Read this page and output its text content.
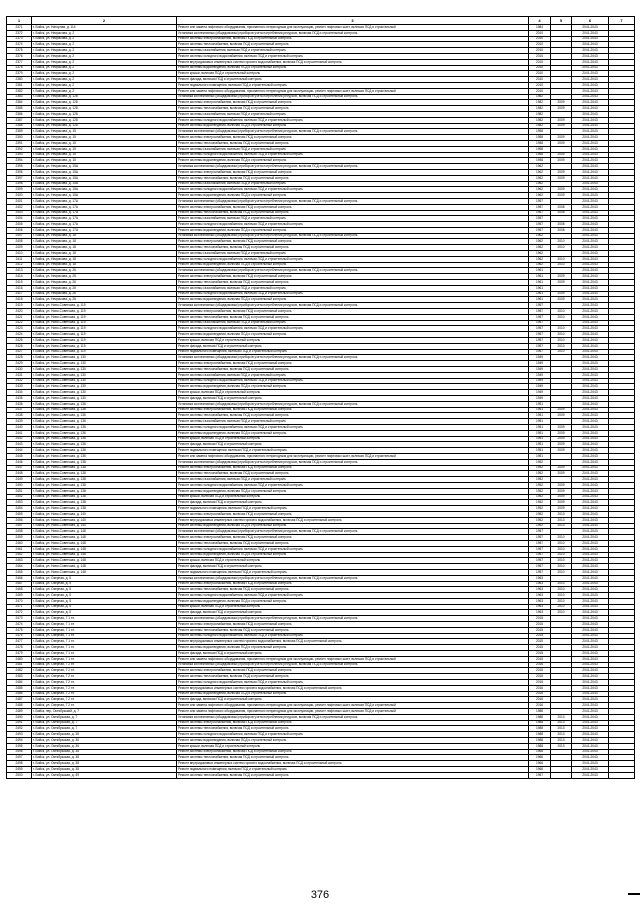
1	2	3	4	5	6	7
2371	г. Бийск, ул. Нагорная, д. 114	Ремонт или замена лифтового оборудования, признанного непригодным для эксплуатации, ремонт лифтовых шахт, включая ПСД и строительный	1984		2041-2043	
2372	г. Бийск, ул. Некрасова, д. 2	Установка коллективных (общедомовых) приборов учета потребления ресурсов, включая ПСД и строительный контроль	2010		2041-2043	
2373	г. Бийск, ул. Некрасова, д. 2	Ремонт системы электроснабжения, включая ПСД и строительный контроль	2010		2041-2043	
2374	г. Бийск, ул. Некрасова, д. 2	Ремонт системы теплоснабжения, включая ПСД и строительный контроль	2010		2041-2043	
2375	г. Бийск, ул. Некрасова, д. 2	Ремонт системы газоснабжения, включая ПСД и строительный контроль	2010		2041-2043	
2376	г. Бийск, ул. Некрасова, д. 2	Ремонт системы холодного водоснабжения, включая ПСД и строительный контроль	2010		2041-2043	
2377	г. Бийск, ул. Некрасова, д. 2	Ремонт внутридомовых инженерных систем горячего водоснабжения, включая ПСД и строительный контроль	2010		2041-2043	
2378	г. Бийск, ул. Некрасова, д. 2	Ремонт системы водоотведения, включая ПСД и строительный контроль	2010		2041-2043	
2379	г. Бийск, ул. Некрасова, д. 2	Ремонт крыши, включая ПСД и строительный контроль	2010		2041-2043	
2380	г. Бийск, ул. Некрасова, д. 2	Ремонт фасада, включая ПСД и строительный контроль	2010		2041-2043	
2381	г. Бийск, ул. Некрасова, д. 2	Ремонт подвального помещения, включая ПСД и строительный контроль	2010		2041-2043	
2382	г. Бийск, ул. Некрасова, д. 2	Ремонт или замена лифтового оборудования, признанного непригодным для эксплуатации, ремонт лифтовых шахт, включая ПСД и строительный	2010		2041-2043	
2383	г. Бийск, ул. Некрасова, д. 128	Установка коллективных (общедомовых) приборов учета потребления ресурсов, включая ПСД и строительный контроль	1982		2041-2043	
2384	г. Бийск, ул. Некрасова, д. 128	Ремонт системы электроснабжения, включая ПСД и строительный контроль	1982	2009	2041-2043	
2385	г. Бийск, ул. Некрасова, д. 128	Ремонт системы теплоснабжения, включая ПСД и строительный контроль	1982	2009	2041-2043	
2386	г. Бийск, ул. Некрасова, д. 128	Ремонт системы газоснабжения, включая ПСД и строительный контроль	1982		2041-2043	
2387	г. Бийск, ул. Некрасова, д. 128	Ремонт системы холодного водоснабжения, включая ПСД и строительный контроль	1982	2009	2041-2043	
2388	г. Бийск, ул. Некрасова, д. 128	Ремонт системы водоотведения, включая ПСД и строительный контроль	1982	2009	2041-2043	
2389	г. Бийск, ул. Некрасова, д. 15	Установка коллективных (общедомовых) приборов учета потребления ресурсов, включая ПСД и строительный контроль	1958		2041-2043	
2390	г. Бийск, ул. Некрасова, д. 15	Ремонт системы электроснабжения, включая ПСД и строительный контроль	1958	2009	2041-2043	
2391	г. Бийск, ул. Некрасова, д. 15	Ремонт системы теплоснабжения, включая ПСД и строительный контроль	1958	2009	2041-2043	
2392	г. Бийск, ул. Некрасова, д. 15	Ремонт системы газоснабжения, включая ПСД и строительный контроль	1958		2041-2043	
2393	г. Бийск, ул. Некрасова, д. 15	Ремонт системы холодного водоснабжения, включая ПСД и строительный контроль	1958	2009	2041-2043	
2394	г. Бийск, ул. Некрасова, д. 15	Ремонт системы водоотведения, включая ПСД и строительный контроль	1958	2009	2041-2043	
2395	г. Бийск, ул. Некрасова, д. 15А	Установка коллективных (общедомовых) приборов учета потребления ресурсов, включая ПСД и строительный контроль	1962		2041-2043	
2396	г. Бийск, ул. Некрасова, д. 15А	Ремонт системы электроснабжения, включая ПСД и строительный контроль	1962	2009	2041-2043	
2397	г. Бийск, ул. Некрасова, д. 15А	Ремонт системы теплоснабжения, включая ПСД и строительный контроль	1962	2009	2041-2043	
2398	г. Бийск, ул. Некрасова, д. 15А	Ремонт системы газоснабжения, включая ПСД и строительный контроль	1962		2041-2043	
2399	г. Бийск, ул. Некрасова, д. 15А	Ремонт системы холодного водоснабжения, включая ПСД и строительный контроль	1962	2009	2041-2043	
2400	г. Бийск, ул. Некрасова, д. 15А	Ремонт системы водоотведения, включая ПСД и строительный контроль	1962	2009	2041-2043	
2401	г. Бийск, ул. Некрасова, д. 17А	Установка коллективных (общедомовых) приборов учета потребления ресурсов, включая ПСД и строительный контроль	1957		2041-2043	
2402	г. Бийск, ул. Некрасова, д. 17А	Ремонт системы электроснабжения, включая ПСД и строительный контроль	1957	2008	2041-2043	
2403	г. Бийск, ул. Некрасова, д. 17А	Ремонт системы теплоснабжения, включая ПСД и строительный контроль	1957	2008	2041-2043	
2404	г. Бийск, ул. Некрасова, д. 17А	Ремонт системы газоснабжения, включая ПСД и строительный контроль	1957		2041-2043	
2405	г. Бийск, ул. Некрасова, д. 17А	Ремонт системы холодного водоснабжения, включая ПСД и строительный контроль	1957	2008	2041-2043	
2406	г. Бийск, ул. Некрасова, д. 17А	Ремонт системы водоотведения, включая ПСД и строительный контроль	1957	2008	2041-2043	
2407	г. Бийск, ул. Некрасова, д. 18	Установка коллективных (общедомовых) приборов учета потребления ресурсов, включая ПСД и строительный контроль	1962		2041-2043	
2408	г. Бийск, ул. Некрасова, д. 18	Ремонт системы электроснабжения, включая ПСД и строительный контроль	1962	2010	2041-2043	
2409	г. Бийск, ул. Некрасова, д. 18	Ремонт системы теплоснабжения, включая ПСД и строительный контроль	1962	2010	2041-2043	
2410	г. Бийск, ул. Некрасова, д. 18	Ремонт системы газоснабжения, включая ПСД и строительный контроль	1962		2041-2043	
2411	г. Бийск, ул. Некрасова, д. 18	Ремонт системы холодного водоснабжения, включая ПСД и строительный контроль	1962	2010	2041-2043	
2412	г. Бийск, ул. Некрасова, д. 18	Ремонт системы водоотведения, включая ПСД и строительный контроль	1962	2010	2041-2043	
2413	г. Бийск, ул. Некрасова, д. 26	Установка коллективных (общедомовых) приборов учета потребления ресурсов, включая ПСД и строительный контроль	1961		2041-2043	
2414	г. Бийск, ул. Некрасова, д. 26	Ремонт системы электроснабжения, включая ПСД и строительный контроль	1961	2009	2041-2043	
2415	г. Бийск, ул. Некрасова, д. 26	Ремонт системы теплоснабжения, включая ПСД и строительный контроль	1961	2009	2041-2043	
2416	г. Бийск, ул. Некрасова, д. 26	Ремонт системы газоснабжения, включая ПСД и строительный контроль	1961		2041-2043	
2417	г. Бийск, ул. Некрасова, д. 26	Ремонт системы холодного водоснабжения, включая ПСД и строительный контроль	1961	2009	2041-2043	
2418	г. Бийск, ул. Некрасова, д. 26	Ремонт системы водоотведения, включая ПСД и строительный контроль	1961	2009	2041-2043	
2419	г. Бийск, ул. Ново-Советская, д. 119	Установка коллективных (общедомовых) приборов учета потребления ресурсов, включая ПСД и строительный контроль	1957		2041-2043	
2420	г. Бийск, ул. Ново-Советская, д. 119	Ремонт системы электроснабжения, включая ПСД и строительный контроль	1957	2010	2041-2043	
2421	г. Бийск, ул. Ново-Советская, д. 119	Ремонт системы теплоснабжения, включая ПСД и строительный контроль	1957	2010	2041-2043	
2422	г. Бийск, ул. Ново-Советская, д. 119	Ремонт системы газоснабжения, включая ПСД и строительный контроль	1957		2041-2043	
2423	г. Бийск, ул. Ново-Советская, д. 119	Ремонт системы холодного водоснабжения, включая ПСД и строительный контроль	1957	2010	2041-2043	
2424	г. Бийск, ул. Ново-Советская, д. 119	Ремонт системы водоотведения, включая ПСД и строительный контроль	1957	2010	2041-2043	
2425	г. Бийск, ул. Ново-Советская, д. 119	Ремонт крыши, включая ПСД и строительный контроль	1957	2010	2041-2043	
2426	г. Бийск, ул. Ново-Советская, д. 119	Ремонт фасада, включая ПСД и строительный контроль	1957	2010	2041-2043	
2427	г. Бийск, ул. Ново-Советская, д. 119	Ремонт подвального помещения, включая ПСД и строительный контроль	1957	2010	2041-2043	
2428	г. Бийск, ул. Ново-Советская, д. 130	Установка коллективных (общедомовых) приборов учета потребления ресурсов, включая ПСД и строительный контроль	1949		2041-2043	
2429	г. Бийск, ул. Ново-Советская, д. 130	Ремонт системы электроснабжения, включая ПСД и строительный контроль	1949		2041-2043	
2430	г. Бийск, ул. Ново-Советская, д. 130	Ремонт системы теплоснабжения, включая ПСД и строительный контроль	1949		2041-2043	
2431	г. Бийск, ул. Ново-Советская, д. 130	Ремонт системы газоснабжения, включая ПСД и строительный контроль	1949		2041-2043	
2432	г. Бийск, ул. Ново-Советская, д. 130	Ремонт системы холодного водоснабжения, включая ПСД и строительный контроль	1949		2041-2043	
2433	г. Бийск, ул. Ново-Советская, д. 130	Ремонт системы водоотведения, включая ПСД и строительный контроль	1949		2041-2043	
2434	г. Бийск, ул. Ново-Советская, д. 130	Ремонт крыши, включая ПСД и строительный контроль	1949		2041-2043	
2435	г. Бийск, ул. Ново-Советская, д. 130	Ремонт фасада, включая ПСД и строительный контроль	1949		2041-2043	
2436	г. Бийск, ул. Ново-Советская, д. 136	Установка коллективных (общедомовых) приборов учета потребления ресурсов, включая ПСД и строительный контроль	1951		2041-2043	
2437	г. Бийск, ул. Ново-Советская, д. 136	Ремонт системы электроснабжения, включая ПСД и строительный контроль	1951	2009	2041-2043	
2438	г. Бийск, ул. Ново-Советская, д. 136	Ремонт системы теплоснабжения, включая ПСД и строительный контроль	1951	2009	2041-2043	
2439	г. Бийск, ул. Ново-Советская, д. 136	Ремонт системы газоснабжения, включая ПСД и строительный контроль	1951		2041-2043	
2440	г. Бийск, ул. Ново-Советская, д. 136	Ремонт системы холодного водоснабжения, включая ПСД и строительный контроль	1951	2009	2041-2043	
2441	г. Бийск, ул. Ново-Советская, д. 136	Ремонт системы водоотведения, включая ПСД и строительный контроль	1951	2009	2041-2043	
2442	г. Бийск, ул. Ново-Советская, д. 136	Ремонт крыши, включая ПСД и строительный контроль	1951	2009	2041-2043	
2443	г. Бийск, ул. Ново-Советская, д. 136	Ремонт фасада, включая ПСД и строительный контроль	1951	2009	2041-2043	
2444	г. Бийск, ул. Ново-Советская, д. 136	Ремонт подвального помещения, включая ПСД и строительный контроль	1951	2009	2041-2043	
2445	г. Бийск, ул. Ново-Советская, д. 136	Ремонт или замена лифтового оборудования, признанного непригодным для эксплуатации, ремонт лифтовых шахт, включая ПСД и строительный	1951		2041-2043	
2446	г. Бийск, ул. Ново-Советская, д. 138	Установка коллективных (общедомовых) приборов учета потребления ресурсов, включая ПСД и строительный контроль	1952		2041-2043	
2447	г. Бийск, ул. Ново-Советская, д. 138	Ремонт системы электроснабжения, включая ПСД и строительный контроль	1952	2009	2041-2043	
2448	г. Бийск, ул. Ново-Советская, д. 138	Ремонт системы теплоснабжения, включая ПСД и строительный контроль	1952	2009	2041-2043	
2449	г. Бийск, ул. Ново-Советская, д. 138	Ремонт системы газоснабжения, включая ПСД и строительный контроль	1952		2041-2043	
2450	г. Бийск, ул. Ново-Советская, д. 138	Ремонт системы холодного водоснабжения, включая ПСД и строительный контроль	1952	2009	2041-2043	
2451	г. Бийск, ул. Ново-Советская, д. 138	Ремонт системы водоотведения, включая ПСД и строительный контроль	1952	2009	2041-2043	
2452	г. Бийск, ул. Ново-Советская, д. 138	Ремонт крыши, включая ПСД и строительный контроль	1952	2009	2041-2043	
2453	г. Бийск, ул. Ново-Советская, д. 138	Ремонт фасада, включая ПСД и строительный контроль	1952	2009	2041-2043	
2454	г. Бийск, ул. Ново-Советская, д. 138	Ремонт подвального помещения, включая ПСД и строительный контроль	1952	2009	2041-2043	
2455	г. Бийск, ул. Ново-Советская, д. 140	Ремонт системы электроснабжения, включая ПСД и строительный контроль	1952	2013	2041-2043	
2456	г. Бийск, ул. Ново-Советская, д. 140	Ремонт внутридомовых инженерных систем горячего водоснабжения, включая ПСД и строительный контроль	1952	2013	2041-2043	
2457	г. Бийск, ул. Ново-Советская, д. 140	Ремонт системы водоотведения, включая ПСД и строительный контроль	1952	2013	2041-2043	
2458	г. Бийск, ул. Ново-Советская, д. 148	Установка коллективных (общедомовых) приборов учета потребления ресурсов, включая ПСД и строительный контроль	1957		2041-2043	
2459	г. Бийск, ул. Ново-Советская, д. 148	Ремонт системы электроснабжения, включая ПСД и строительный контроль	1957	2010	2041-2043	
2460	г. Бийск, ул. Ново-Советская, д. 148	Ремонт системы теплоснабжения, включая ПСД и строительный контроль	1957	2010	2041-2043	
2461	г. Бийск, ул. Ново-Советская, д. 148	Ремонт системы холодного водоснабжения, включая ПСД и строительный контроль	1957	2010	2041-2043	
2462	г. Бийск, ул. Ново-Советская, д. 148	Ремонт системы водоотведения, включая ПСД и строительный контроль	1957	2010	2041-2043	
2463	г. Бийск, ул. Ново-Советская, д. 148	Ремонт крыши, включая ПСД и строительный контроль	1957	2010	2041-2043	
2464	г. Бийск, ул. Ново-Советская, д. 148	Ремонт фасада, включая ПСД и строительный контроль	1957	2010	2041-2043	
2465	г. Бийск, ул. Ново-Советская, д. 148	Ремонт подвального помещения, включая ПСД и строительный контроль	1957	2010	2041-2043	
2466	г. Бийск, ул. Озерная, д. 5	Установка коллективных (общедомовых) приборов учета потребления ресурсов, включая ПСД и строительный контроль	1963		2041-2043	
2467	г. Бийск, ул. Озерная, д. 5	Ремонт системы электроснабжения, включая ПСД и строительный контроль	1963	2010	2041-2043	
2468	г. Бийск, ул. Озерная, д. 5	Ремонт системы теплоснабжения, включая ПСД и строительный контроль	1963	2010	2041-2043	
2469	г. Бийск, ул. Озерная, д. 5	Ремонт системы холодного водоснабжения, включая ПСД и строительный контроль	1963	2010	2041-2043	
2470	г. Бийск, ул. Озерная, д. 5	Ремонт системы водоотведения, включая ПСД и строительный контроль	1963	2010	2041-2043	
2471	г. Бийск, ул. Озерная, д. 5	Ремонт крыши, включая ПСД и строительный контроль	1963	2010	2041-2043	
2472	г. Бийск, ул. Озерная, д. 5	Ремонт фасада, включая ПСД и строительный контроль	1963	2010	2041-2043	
2473	г. Бийск, ул. Озерная, 7 1 эт.	Установка коллективных (общедомовых) приборов учета потребления ресурсов, включая ПСД и строительный контроль	2015		2041-2043	
2474	г. Бийск, ул. Озерная, 7 1 эт.	Ремонт системы электроснабжения, включая ПСД и строительный контроль	2015		2041-2043	
2475	г. Бийск, ул. Озерная, 7 1 эт.	Ремонт системы теплоснабжения, включая ПСД и строительный контроль	2015		2041-2043	
2476	г. Бийск, ул. Озерная, 7 1 эт.	Ремонт системы холодного водоснабжения, включая ПСД и строительный контроль	2015		2041-2043	
2477	г. Бийск, ул. Озерная, 7 1 эт.	Ремонт внутридомовых инженерных систем горячего водоснабжения, включая ПСД и строительный контроль	2015		2041-2043	
2478	г. Бийск, ул. Озерная, 7 1 эт.	Ремонт системы водоотведения, включая ПСД и строительный контроль	2015		2041-2043	
2479	г. Бийск, ул. Озерная, 7 1 эт.	Ремонт фасада, включая ПСД и строительный контроль	2015		2041-2043	
2480	г. Бийск, ул. Озерная, 7 1 эт.	Ремонт или замена лифтового оборудования, признанного непригодным для эксплуатации, ремонт лифтовых шахт, включая ПСД и строительный	2015		2041-2043	
2481	г. Бийск, ул. Озерная, 7 2 эт.	Установка коллективных (общедомовых) приборов учета потребления ресурсов, включая ПСД и строительный контроль	2016		2041-2043	
2482	г. Бийск, ул. Озерная, 7 2 эт.	Ремонт системы электроснабжения, включая ПСД и строительный контроль	2016		2041-2043	
2483	г. Бийск, ул. Озерная, 7 2 эт.	Ремонт системы теплоснабжения, включая ПСД и строительный контроль	2016		2041-2043	
2484	г. Бийск, ул. Озерная, 7 2 эт.	Ремонт системы холодного водоснабжения, включая ПСД и строительный контроль	2016		2041-2043	
2485	г. Бийск, ул. Озерная, 7 2 эт.	Ремонт внутридомовых инженерных систем горячего водоснабжения, включая ПСД и строительный контроль	2016		2041-2043	
2486	г. Бийск, ул. Озерная, 7 2 эт.	Ремонт системы водоотведения, включая ПСД и строительный контроль	2016		2041-2043	
2487	г. Бийск, ул. Озерная, 7 2 эт.	Ремонт фасада, включая ПСД и строительный контроль	2016		2041-2043	
2488	г. Бийск, ул. Озерная, 7 2 эт.	Ремонт или замена лифтового оборудования, признанного непригодным для эксплуатации, ремонт лифтовых шахт, включая ПСД и строительный	2016		2041-2043	
2489	г. Бийск, пер. Октябрьский, д. 7	Ремонт или замена лифтового оборудования, признанного непригодным для эксплуатации, ремонт лифтовых шахт, включая ПСД и строительный	1988		2041-2043	
2490	г. Бийск, ул. Октябрьская, д. 7	Установка коллективных (общедомовых) приборов учета потребления ресурсов, включая ПСД и строительный контроль	1988	2013	2041-2043	
2491	г. Бийск, ул. Октябрьская, д. 7	Ремонт системы электроснабжения, включая ПСД и строительный контроль	1988	2013	2041-2043	
2492	г. Бийск, ул. Октябрьская, д. 7	Ремонт системы теплоснабжения, включая ПСД и строительный контроль	1988	2013	2041-2043	
2493	г. Бийск, ул. Октябрьская, д. 36	Ремонт системы холодного водоснабжения, включая ПСД и строительный контроль	1988	2013	2041-2043	
2494	г. Бийск, ул. Октябрьская, д. 36	Ремонт системы водоотведения, включая ПСД и строительный контроль	1988	2013	2041-2043	
2495	г. Бийск, ул. Октябрьская, д. 36	Ремонт крыши, включая ПСД и строительный контроль	1988	2013	2041-2043	
2496	г. Бийск, ул. Октябрьская, д. 38	Ремонт системы электроснабжения, включая ПСД и строительный контроль	1966		2041-2043	
2497	г. Бийск, ул. Октябрьская, д. 38	Ремонт системы теплоснабжения, включая ПСД и строительный контроль	1966		2041-2043	
2498	г. Бийск, ул. Октябрьская, д. 38	Ремонт внутридомовых инженерных систем горячего водоснабжения, включая ПСД и строительный контроль	1966		2041-2043	
2499	г. Бийск, ул. Октябрьская, д. 38	Ремонт подвального помещения, включая ПСД и строительный контроль	1966		2041-2043	
2500	г. Бийск, ул. Октябрьская, д. 49	Ремонт системы теплоснабжения, включая ПСД и строительный контроль	1957		2041-2043	
376
